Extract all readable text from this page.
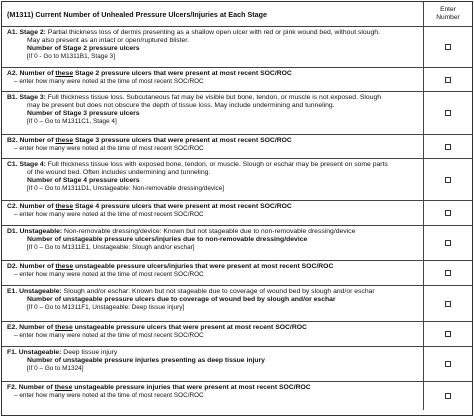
(M1311) Current Number of Unhealed Pressure Ulcers/Injuries at Each Stage	Enter
Number
A1. Stage 2: Partial thickness loss of dermis presenting as a shallow open ulcer with red or pink wound bed, without slough.
May also present as an intact or open/ruptured blister.
Number of Stage 2 pressure ulcers
[If 0 - Go to M1311B1, Stage 3]
A2. Number of these Stage 2 pressure ulcers that were present at most recent SOC/ROC
– enter how many were noted at the time of most recent SOC/ROC
B1. Stage 3: Full thickness tissue loss. Subcutaneous fat may be visible but bone, tendon, or muscle is not exposed. Slough
may be present but does not obscure the depth of tissue loss. May include undermining and tunneling.
Number of Stage 3 pressure ulcers
[If 0 – Go to M1311C1, Stage 4]
B2. Number of these Stage 3 pressure ulcers that were present at most recent SOC/ROC
– enter how many were noted at the time of most recent SOC/ROC
C1. Stage 4: Full thickness tissue loss with exposed bone, tendon, or muscle. Slough or eschar may be present on some parts
of the wound bed. Often includes undermining and tunneling.
Number of Stage 4 pressure ulcers
[If 0 – Go to M1311D1, Unstageable: Non-removable dressing/device]
C2. Number of these Stage 4 pressure ulcers that were present at most recent SOC/ROC
– enter how many were noted at the time of most recent SOC/ROC
D1. Unstageable: Non-removable dressing/device: Known but not stageable due to non-removable dressing/device
Number of unstageable pressure ulcers/injuries due to non-removable dressing/device
[If 0 – Go to M1311E1, Unstageable: Slough and/or eschar]
D2. Number of these unstageable pressure ulcers/injuries that were present at most recent SOC/ROC
– enter how many were noted at the time of most recent SOC/ROC
E1. Unstageable: Slough and/or eschar: Known but not stageable due to coverage of wound bed by slough and/or eschar
Number of unstageable pressure ulcers due to coverage of wound bed by slough and/or eschar
[If 0 – Go to M1311F1, Unstageable: Deep tissue injury]
E2. Number of these unstageable pressure ulcers that were present at most recent SOC/ROC
– enter how many were noted at the time of most recent SOC/ROC
F1. Unstageable: Deep tissue injury
Number of unstageable pressure injuries presenting as deep tissue injury
[If 0 – Go to M1324]
F2. Number of these unstageable pressure injuries that were present at most recent SOC/ROC
– enter how many were noted at the time of most recent SOC/ROC
